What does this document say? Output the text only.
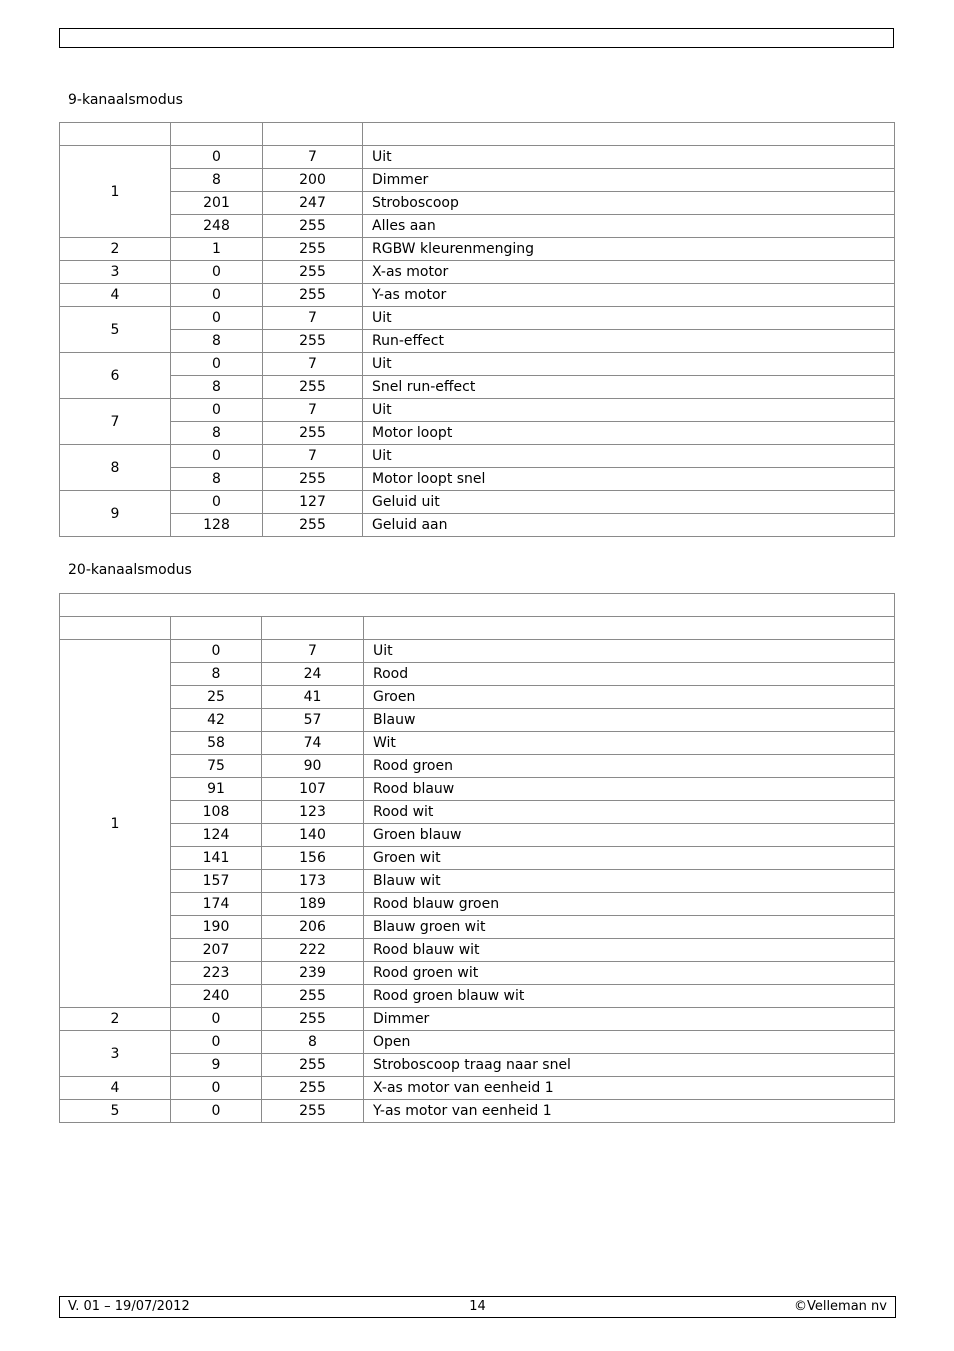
9-kanaalsmodus

1	0	7	Uit
	8	200	Dimmer
	201	247	Stroboscoop
	248	255	Alles aan
2	1	255	RGBW kleurenmenging
3	0	255	X-as motor
4	0	255	Y-as motor
5	0	7	Uit
	8	255	Run-effect
6	0	7	Uit
	8	255	Snel run-effect
7	0	7	Uit
	8	255	Motor loopt
8	0	7	Uit
	8	255	Motor loopt snel
9	0	127	Geluid uit
	128	255	Geluid aan
20-kanaalsmodus

1	0	7	Uit
	8	24	Rood
	25	41	Groen
	42	57	Blauw
	58	74	Wit
	75	90	Rood groen
	91	107	Rood blauw
	108	123	Rood wit
	124	140	Groen blauw
	141	156	Groen wit
	157	173	Blauw wit
	174	189	Rood blauw groen
	190	206	Blauw groen wit
	207	222	Rood blauw wit
	223	239	Rood groen wit
	240	255	Rood groen blauw wit
2	0	255	Dimmer
3	0	8	Open
	9	255	Stroboscoop traag naar snel
4	0	255	X-as motor van eenheid 1
5	0	255	Y-as motor van eenheid 1
V. 01 – 19/07/2012	14	©Velleman nv
